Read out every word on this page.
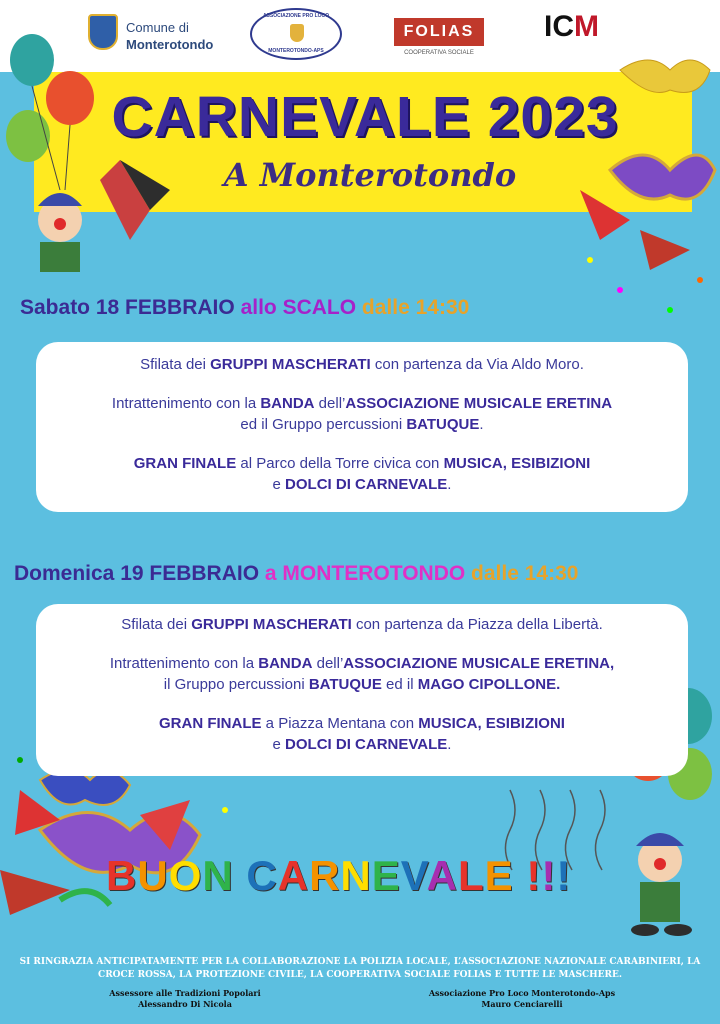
Comune di
Monterotondo
ASSOCIAZIONE PRO LOCO
MONTEROTONDO-APS
FOLIAS
COOPERATIVA SOCIALE
ICM
CARNEVALE 2023
A Monterotondo
Sabato 18 FEBBRAIO allo SCALO dalle 14:30

Sfilata dei GRUPPI MASCHERATI con partenza da Via Aldo Moro.

Intrattenimento con la BANDA dell’ASSOCIAZIONE MUSICALE ERETINA

ed il Gruppo percussioni BATUQUE.

GRAN FINALE al Parco della Torre civica con MUSICA, ESIBIZIONI

e DOLCI DI CARNEVALE.

Domenica 19 FEBBRAIO a MONTEROTONDO dalle 14:30

Sfilata dei GRUPPI MASCHERATI con partenza da Piazza della Libertà.

Intrattenimento con la BANDA dell’ASSOCIAZIONE MUSICALE ERETINA,

il Gruppo percussioni BATUQUE ed il MAGO CIPOLLONE.

GRAN FINALE a Piazza Mentana con MUSICA, ESIBIZIONI

e DOLCI DI CARNEVALE.

BUON CARNEVALE !!!
SI RINGRAZIA ANTICIPATAMENTE PER LA COLLABORAZIONE LA POLIZIA LOCALE, L’ASSOCIAZIONE NAZIONALE CARABINIERI, LA CROCE ROSSA, LA PROTEZIONE CIVILE, LA COOPERATIVA SOCIALE FOLIAS E TUTTE LE MASCHERE.
Assessore alle Tradizioni Popolari
Alessandro Di Nicola
Associazione Pro Loco Monterotondo-Aps
Mauro Cenciarelli
